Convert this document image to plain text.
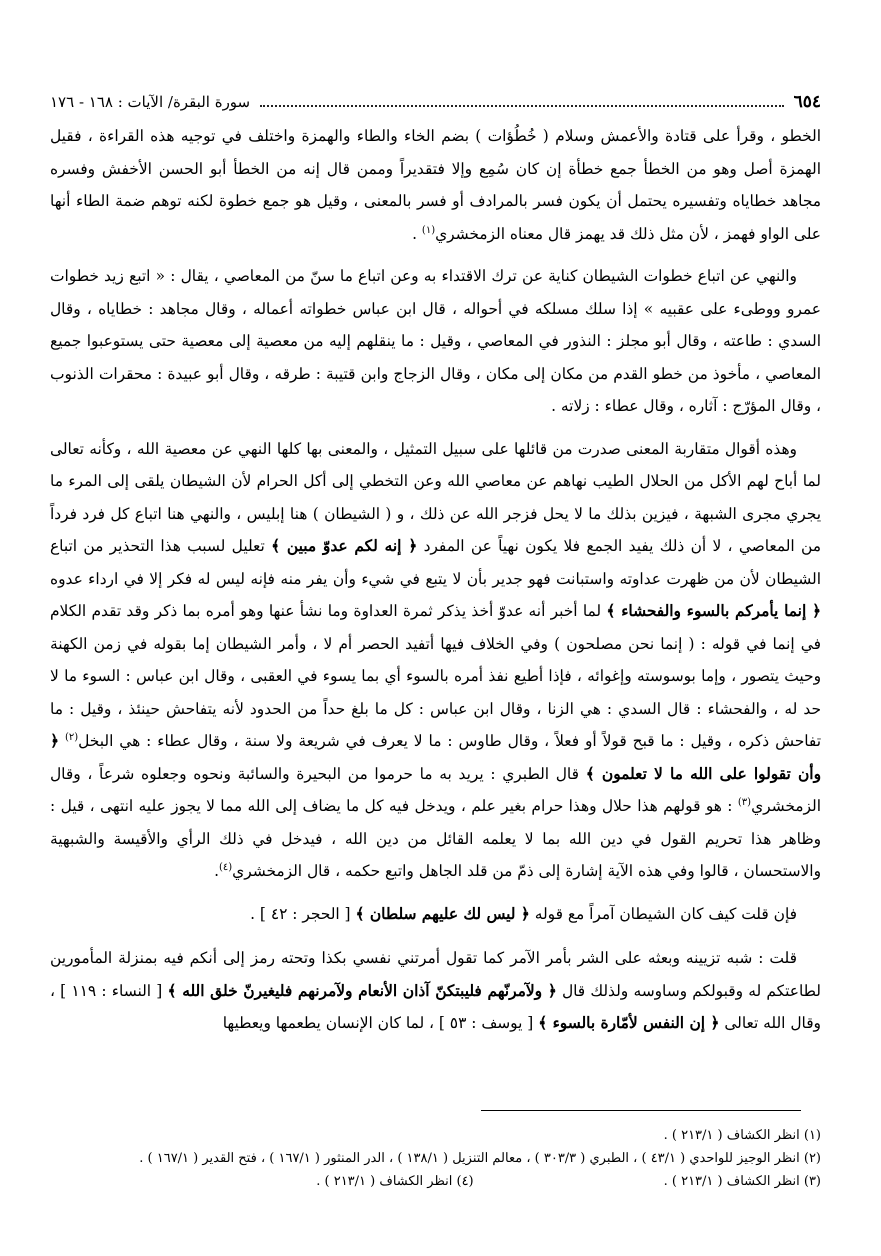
٦٥٤
سورة البقرة/ الآيات : ١٦٨ - ١٧٦

الخطو ، وقرأ على قتادة والأعمش وسلام ( خُطُؤات ) بضم الخاء والطاء والهمزة واختلف في توجيه هذه القراءة ، فقيل الهمزة أصل وهو من الخطأ جمع خطأة إن كان سُمِع وإلا فتقديراً وممن قال إنه من الخطأ أبو الحسن الأخفش وفسره مجاهد خطاياه وتفسيره يحتمل أن يكون فسر بالمرادف أو فسر بالمعنى ، وقيل هو جمع خطوة لكنه توهم ضمة الطاء أنها على الواو فهمز ، لأن مثل ذلك قد يهمز قال معناه الزمخشري$^{(١)}$ .

والنهي عن اتباع خطوات الشيطان كناية عن ترك الاقتداء به وعن اتباع ما سنّ من المعاصي ، يقال : « اتبع زيد خطوات عمرو ووطىء على عقبيه » إذا سلك مسلكه في أحواله ، قال ابن عباس خطواته أعماله ، وقال مجاهد : خطاياه ، وقال السدي : طاعته ، وقال أبو مجلز : النذور في المعاصي ، وقيل : ما ينقلهم إليه من معصية إلى معصية حتى يستوعبوا جميع المعاصي ، مأخوذ من خطو القدم من مكان إلى مكان ، وقال الزجاج وابن قتيبة : طرقه ، وقال أبو عبيدة : محقرات الذنوب ، وقال المؤرّج : آثاره ، وقال عطاء : زلاته .

وهذه أقوال متقاربة المعنى صدرت من قائلها على سبيل التمثيل ، والمعنى بها كلها النهي عن معصية الله ، وكأنه تعالى لما أباح لهم الأكل من الحلال الطيب نهاهم عن معاصي الله وعن التخطي إلى أكل الحرام لأن الشيطان يلقى إلى المرء ما يجري مجرى الشبهة ، فيزين بذلك ما لا يحل فزجر الله عن ذلك ، و ( الشيطان ) هنا إبليس ، والنهي هنا اتباع كل فرد فرداً من المعاصي ، لا أن ذلك يفيد الجمع فلا يكون نهياً عن المفرد ﴿ إنه لكم عدوّ مبين ﴾ تعليل لسبب هذا التحذير من اتباع الشيطان لأن من ظهرت عداوته واستبانت فهو جدير بأن لا يتبع في شيء وأن يفر منه فإنه ليس له فكر إلا في ارداء عدوه ﴿ إنما يأمركم بالسوء والفحشاء ﴾ لما أخبر أنه عدوّ أخذ يذكر ثمرة العداوة وما نشأ عنها وهو أمره بما ذكر وقد تقدم الكلام في إنما في قوله : ( إنما نحن مصلحون ) وفي الخلاف فيها أتفيد الحصر أم لا ، وأمر الشيطان إما بقوله في زمن الكهنة وحيث يتصور ، وإما بوسوسته وإغوائه ، فإذا أطيع نفذ أمره بالسوء أي بما يسوء في العقبى ، وقال ابن عباس : السوء ما لا حد له ، والفحشاء : قال السدي : هي الزنا ، وقال ابن عباس : كل ما بلغ حداً من الحدود لأنه يتفاحش حينئذ ، وقيل : ما تفاحش ذكره ، وقيل : ما قبح قولاً أو فعلاً ، وقال طاوس : ما لا يعرف في شريعة ولا سنة ، وقال عطاء : هي البخل$^{(٢)}$ ﴿ وأن تقولوا على الله ما لا تعلمون ﴾ قال الطبري : يريد به ما حرموا من البحيرة والسائبة ونحوه وجعلوه شرعاً ، وقال الزمخشري$^{(٣)}$ : هو قولهم هذا حلال وهذا حرام بغير علم ، ويدخل فيه كل ما يضاف إلى الله مما لا يجوز عليه انتهى ، قيل : وظاهر هذا تحريم القول في دين الله بما لا يعلمه القائل من دين الله ، فيدخل في ذلك الرأي والأقيسة والشبهية والاستحسان ، قالوا وفي هذه الآية إشارة إلى ذمّ من قلد الجاهل واتبع حكمه ، قال الزمخشري$^{(٤)}$.

فإن قلت كيف كان الشيطان آمراً مع قوله ﴿ ليس لك عليهم سلطان ﴾ [ الحجر : ٤٢ ] .

قلت : شبه تزيينه وبعثه على الشر بأمر الآمر كما تقول أمرتني نفسي بكذا وتحته رمز إلى أنكم فيه بمنزلة المأمورين لطاعتكم له وقبولكم وساوسه ولذلك قال ﴿ ولآمرنّهم فليبتكنّ آذان الأنعام ولآمرنهم فليغيرنّ خلق الله ﴾ [ النساء : ١١٩ ] ، وقال الله تعالى ﴿ إن النفس لأمّارة بالسوء ﴾ [ يوسف : ٥٣ ] ، لما كان الإنسان يطعمها ويعطيها

(١) انظر الكشاف ( ٢١٣/١ ) .
(٢) انظر الوجيز للواحدي ( ٤٣/١ ) ، الطبري ( ٣٠٣/٣ ) ، معالم التنزيل ( ١٣٨/١ ) ، الدر المنثور ( ١٦٧/١ ) ، فتح القدير ( ١٦٧/١ ) .
(٣) انظر الكشاف ( ٢١٣/١ ) .
(٤) انظر الكشاف ( ٢١٣/١ ) .
